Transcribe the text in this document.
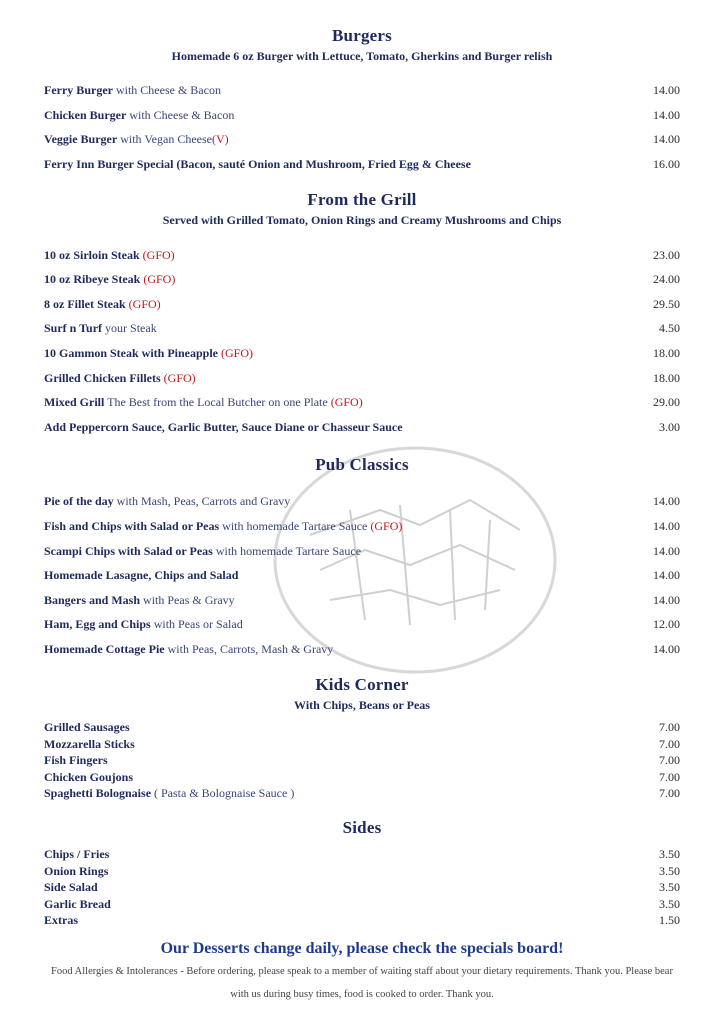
Burgers
Homemade 6 oz Burger with Lettuce, Tomato, Gherkins and Burger relish
Ferry Burger with Cheese & Bacon	14.00
Chicken Burger with Cheese & Bacon	14.00
Veggie Burger with Vegan Cheese(V)	14.00
Ferry Inn Burger Special (Bacon, sauté Onion and Mushroom, Fried Egg & Cheese	16.00
From the Grill
Served with Grilled Tomato, Onion Rings and Creamy Mushrooms and Chips
10 oz Sirloin Steak (GFO)	23.00
10 oz Ribeye Steak (GFO)	24.00
8 oz Fillet Steak (GFO)	29.50
Surf n Turf your Steak	4.50
10 Gammon Steak with Pineapple (GFO)	18.00
Grilled Chicken Fillets (GFO)	18.00
Mixed Grill The Best from the Local Butcher on one Plate (GFO)	29.00
Add Peppercorn Sauce, Garlic Butter, Sauce Diane or Chasseur Sauce	3.00
Pub Classics
Pie of the day with Mash, Peas, Carrots and Gravy	14.00
Fish and Chips with Salad or Peas with homemade Tartare Sauce (GFO)	14.00
Scampi Chips with Salad or Peas with homemade Tartare Sauce	14.00
Homemade Lasagne, Chips and Salad	14.00
Bangers and Mash with Peas & Gravy	14.00
Ham, Egg and Chips with Peas or Salad	12.00
Homemade Cottage Pie with Peas, Carrots, Mash & Gravy	14.00
Kids Corner
With Chips, Beans or Peas
Grilled Sausages	7.00
Mozzarella Sticks	7.00
Fish Fingers	7.00
Chicken Goujons	7.00
Spaghetti Bolognaise ( Pasta & Bolognaise Sauce )	7.00
Sides
Chips / Fries	3.50
Onion Rings	3.50
Side Salad	3.50
Garlic Bread	3.50
Extras	1.50
Our Desserts change daily, please check the specials board!
Food Allergies & Intolerances - Before ordering, please speak to a member of waiting staff about your dietary requirements. Thank you. Please bear with us during busy times, food is cooked to order. Thank you.
